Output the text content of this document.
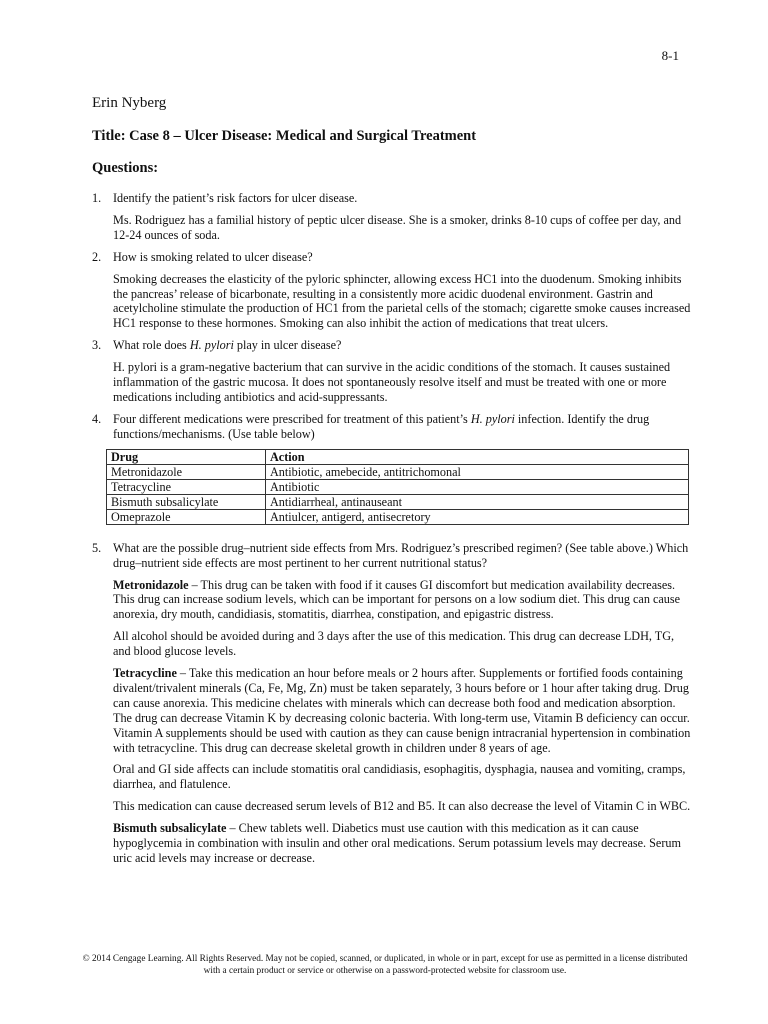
8-1
Erin Nyberg
Title: Case 8 – Ulcer Disease: Medical and Surgical Treatment
Questions:
1. Identify the patient’s risk factors for ulcer disease.
Ms. Rodriguez has a familial history of peptic ulcer disease. She is a smoker, drinks 8-10 cups of coffee per day, and 12-24 ounces of soda.
2. How is smoking related to ulcer disease?
Smoking decreases the elasticity of the pyloric sphincter, allowing excess HC1 into the duodenum. Smoking inhibits the pancreas’ release of bicarbonate, resulting in a consistently more acidic duodenal environment. Gastrin and acetylcholine stimulate the production of HC1 from the parietal cells of the stomach; cigarette smoke causes increased HC1 response to these hormones. Smoking can also inhibit the action of medications that treat ulcers.
3. What role does H. pylori play in ulcer disease?
H. pylori is a gram-negative bacterium that can survive in the acidic conditions of the stomach. It causes sustained inflammation of the gastric mucosa. It does not spontaneously resolve itself and must be treated with one or more medications including antibiotics and acid-suppressants.
4. Four different medications were prescribed for treatment of this patient’s H. pylori infection. Identify the drug functions/mechanisms. (Use table below)
Drug	Action
Metronidazole	Antibiotic, amebecide, antitrichomonal
Tetracycline	Antibiotic
Bismuth subsalicylate	Antidiarrheal, antinauseant
Omeprazole	Antiulcer, antigerd, antisecretory
5. What are the possible drug–nutrient side effects from Mrs. Rodriguez’s prescribed regimen? (See table above.) Which drug–nutrient side effects are most pertinent to her current nutritional status?
Metronidazole – This drug can be taken with food if it causes GI discomfort but medication availability decreases. This drug can increase sodium levels, which can be important for persons on a low sodium diet. This drug can cause anorexia, dry mouth, candidiasis, stomatitis, diarrhea, constipation, and epigastric distress.
All alcohol should be avoided during and 3 days after the use of this medication. This drug can decrease LDH, TG, and blood glucose levels.
Tetracycline – Take this medication an hour before meals or 2 hours after. Supplements or fortified foods containing divalent/trivalent minerals (Ca, Fe, Mg, Zn) must be taken separately, 3 hours before or 1 hour after taking drug. Drug can cause anorexia. This medicine chelates with minerals which can decrease both food and medication absorption. The drug can decrease Vitamin K by decreasing colonic bacteria. With long-term use, Vitamin B deficiency can occur. Vitamin A supplements should be used with caution as they can cause benign intracranial hypertension in combination with tetracycline. This drug can decrease skeletal growth in children under 8 years of age.
Oral and GI side affects can include stomatitis oral candidiasis, esophagitis, dysphagia, nausea and vomiting, cramps, diarrhea, and flatulence.
This medication can cause decreased serum levels of B12 and B5. It can also decrease the level of Vitamin C in WBC.
Bismuth subsalicylate – Chew tablets well. Diabetics must use caution with this medication as it can cause hypoglycemia in combination with insulin and other oral medications. Serum potassium levels may decrease. Serum uric acid levels may increase or decrease.
© 2014 Cengage Learning. All Rights Reserved. May not be copied, scanned, or duplicated, in whole or in part, except for use as permitted in a license distributed with a certain product or service or otherwise on a password-protected website for classroom use.
